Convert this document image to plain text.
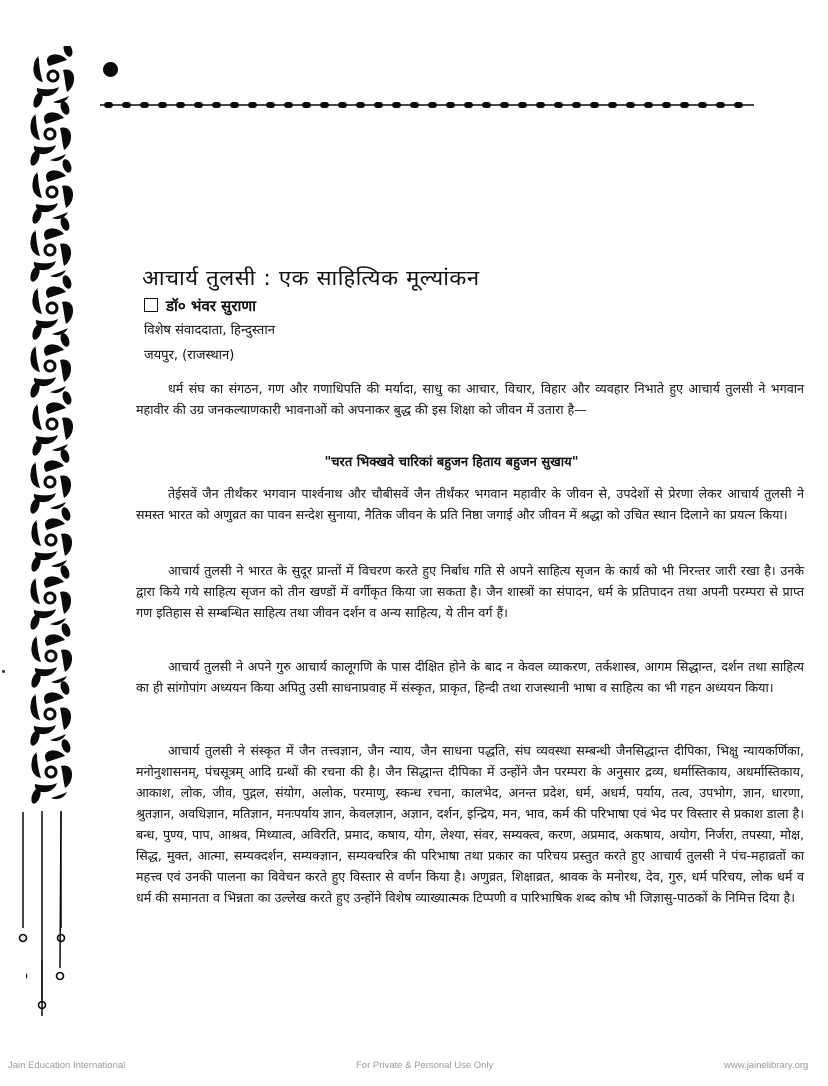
आचार्य तुलसी : एक साहित्यिक मूल्यांकन
डॉ० भंवर सुराणा
विशेष संवाददाता, हिन्दुस्तान
जयपुर, (राजस्थान)
धर्म संघ का संगठन, गण और गणाधिपति की मर्यादा, साधु का आचार, विचार, विहार और व्यवहार निभाते हुए आचार्य तुलसी ने भगवान महावीर की उग्र जनकल्याणकारी भावनाओं को अपनाकर बुद्ध की इस शिक्षा को जीवन में उतारा है—
"चरत भिक्खवे चारिकां बहुजन हिताय बहुजन सुखाय"
तेईसवें जैन तीर्थंकर भगवान पार्श्वनाथ और चौबीसवें जैन तीर्थंकर भगवान महावीर के जीवन से, उपदेशों से प्रेरणा लेकर आचार्य तुलसी ने समस्त भारत को अणुव्रत का पावन सन्देश सुनाया, नैतिक जीवन के प्रति निष्ठा जगाई और जीवन में श्रद्धा को उचित स्थान दिलाने का प्रयत्न किया।
आचार्य तुलसी ने भारत के सुदूर प्रान्तों में विचरण करते हुए निर्बाध गति से अपने साहित्य सृजन के कार्य को भी निरन्तर जारी रखा है। उनके द्वारा किये गये साहित्य सृजन को तीन खण्डों में वर्गीकृत किया जा सकता है। जैन शास्त्रों का संपादन, धर्म के प्रतिपादन तथा अपनी परम्परा से प्राप्त गण इतिहास से सम्बन्धित साहित्य तथा जीवन दर्शन व अन्य साहित्य, ये तीन वर्ग हैं।
आचार्य तुलसी ने अपने गुरु आचार्य कालूगणि के पास दीक्षित होने के बाद न केवल व्याकरण, तर्कशास्त्र, आगम सिद्धान्त, दर्शन तथा साहित्य का ही सांगोपांग अध्ययन किया अपितु उसी साधनाप्रवाह में संस्कृत, प्राकृत, हिन्दी तथा राजस्थानी भाषा व साहित्य का भी गहन अध्ययन किया।
आचार्य तुलसी ने संस्कृत में जैन तत्त्वज्ञान, जैन न्याय, जैन साधना पद्धति, संघ व्यवस्था सम्बन्धी जैनसिद्धान्त दीपिका, भिक्षु न्यायकर्णिका, मनोनुशासनम्, पंचसूत्रम् आदि ग्रन्थों की रचना की है। जैन सिद्धान्त दीपिका में उन्होंने जैन परम्परा के अनुसार द्रव्य, धर्मास्तिकाय, अधर्मास्तिकाय, आकाश, लोक, जीव, पुद्गल, संयोग, अलोक, परमाणु, स्कन्ध रचना, कालभेद, अनन्त प्रदेश, धर्म, अधर्म, पर्याय, तत्व, उपभोग, ज्ञान, धारणा, श्रुतज्ञान, अवधिज्ञान, मतिज्ञान, मनःपर्याय ज्ञान, केवलज्ञान, अज्ञान, दर्शन, इन्द्रिय, मन, भाव, कर्म की परिभाषा एवं भेद पर विस्तार से प्रकाश डाला है। बन्ध, पुण्य, पाप, आश्रव, मिथ्यात्व, अविरति, प्रमाद, कषाय, योग, लेश्या, संवर, सम्यक्त्व, करण, अप्रमाद, अकषाय, अयोग, निर्जरा, तपस्या, मोक्ष, सिद्ध, मुक्त, आत्मा, सम्यक्दर्शन, सम्यक्ज्ञान, सम्यक्चरित्र की परिभाषा तथा प्रकार का परिचय प्रस्तुत करते हुए आचार्य तुलसी ने पंच-महाव्रतों का महत्त्व एवं उनकी पालना का विवेचन करते हुए विस्तार से वर्णन किया है। अणुव्रत, शिक्षाव्रत, श्रावक के मनोरथ, देव, गुरु, धर्म परिचय, लोक धर्म व धर्म की समानता व भिन्नता का उल्लेख करते हुए उन्होंने विशेष व्याख्यात्मक टिप्पणी व पारिभाषिक शब्द कोष भी जिज्ञासु-पाठकों के निमित्त दिया है।
Jain Education International	For Private & Personal Use Only	www.jainelibrary.org
